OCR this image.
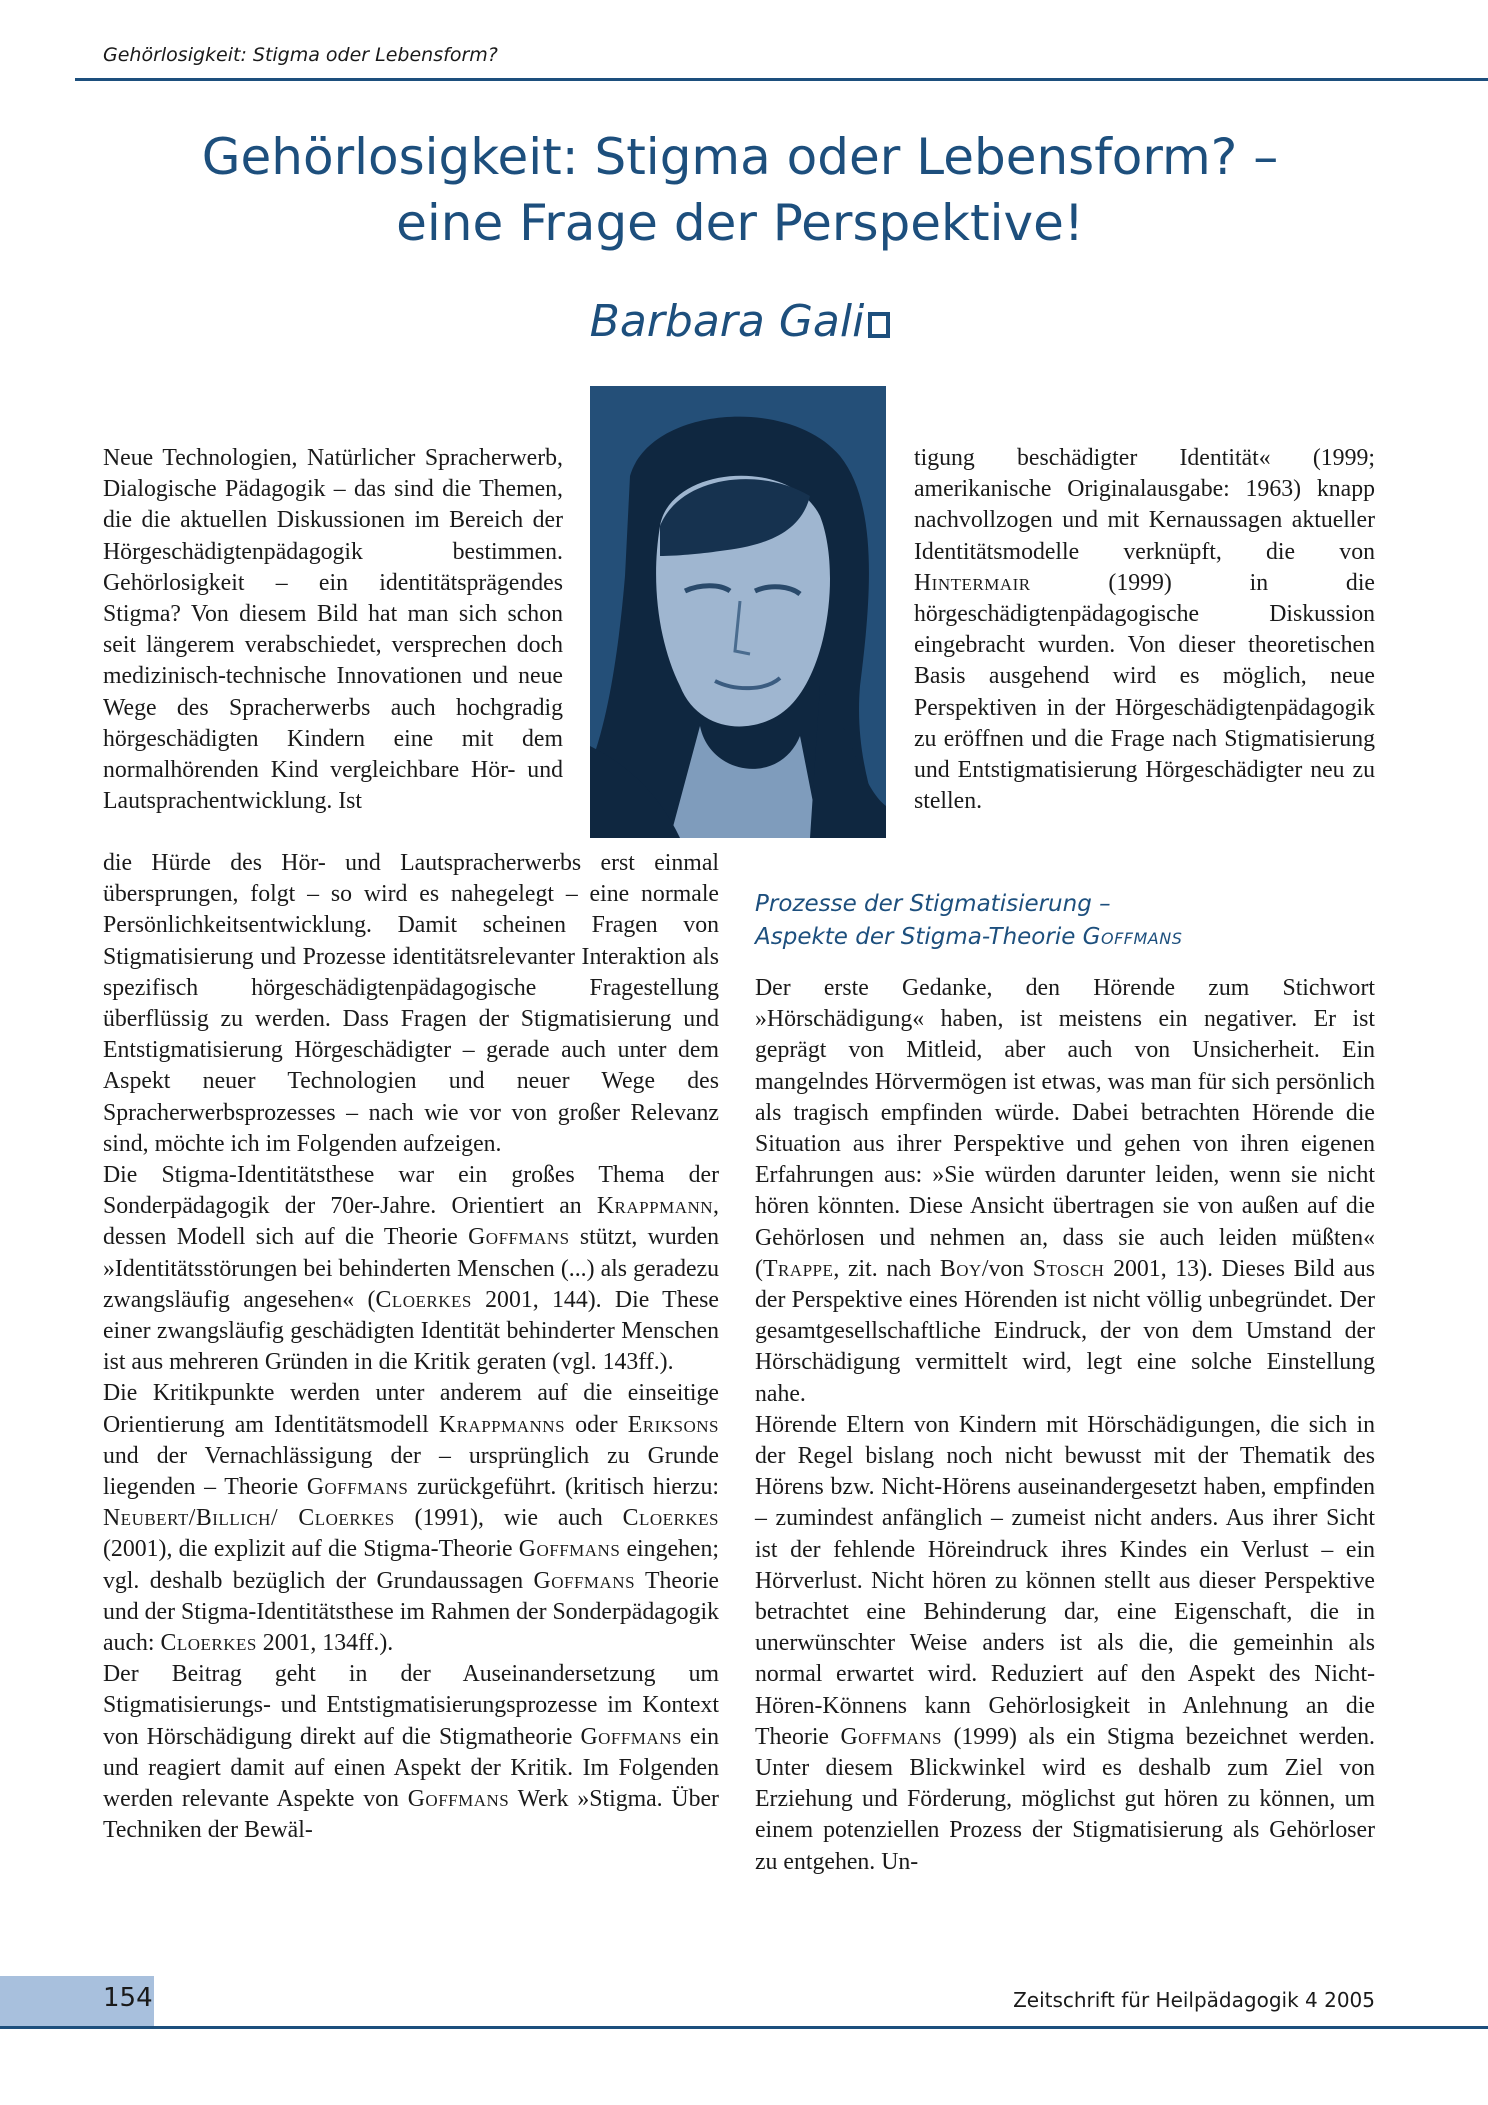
Gehörlosigkeit: Stigma oder Lebensform?
Gehörlosigkeit: Stigma oder Lebensform? –
eine Frage der Perspektive!
Barbara Gali

Neue Technologien, Natürlicher Spracherwerb, Dialogische Pädagogik – das sind die Themen, die die aktuellen Diskussionen im Bereich der Hörgeschädigtenpädagogik bestimmen. Gehörlosigkeit – ein identitätsprägendes Stigma? Von diesem Bild hat man sich schon seit längerem verabschiedet, versprechen doch medizinisch-technische Innovationen und neue Wege des Spracherwerbs auch hochgradig hörgeschädigten Kindern eine mit dem normalhörenden Kind vergleichbare Hör- und Lautsprachentwicklung. Ist

tigung beschädigter Identität« (1999; amerikanische Originalausgabe: 1963) knapp nachvollzogen und mit Kernaussagen aktueller Identitätsmodelle verknüpft, die von Hintermair (1999) in die hörgeschädigtenpädagogische Diskussion eingebracht wurden. Von dieser theoretischen Basis ausgehend wird es möglich, neue Perspektiven in der Hörgeschädigtenpädagogik zu eröffnen und die Frage nach Stigmatisierung und Entstigmatisierung Hörgeschädigter neu zu stellen.

die Hürde des Hör- und Lautspracherwerbs erst einmal übersprungen, folgt – so wird es nahegelegt – eine normale Persönlichkeitsentwicklung. Damit scheinen Fragen von Stigmatisierung und Prozesse identitätsrelevanter Interaktion als spezifisch hörgeschädigtenpädagogische Fragestellung überflüssig zu werden. Dass Fragen der Stigmatisierung und Entstigmatisierung Hörgeschädigter – gerade auch unter dem Aspekt neuer Technologien und neuer Wege des Spracherwerbsprozesses – nach wie vor von großer Relevanz sind, möchte ich im Folgenden aufzeigen.

Die Stigma-Identitätsthese war ein großes Thema der Sonderpädagogik der 70er-Jahre. Orientiert an Krappmann, dessen Modell sich auf die Theorie Goffmans stützt, wurden »Identitätsstörungen bei behinderten Menschen (...) als geradezu zwangsläufig angesehen« (Cloerkes 2001, 144). Die These einer zwangsläufig geschädigten Identität behinderter Menschen ist aus mehreren Gründen in die Kritik geraten (vgl. 143ff.).

Die Kritikpunkte werden unter anderem auf die einseitige Orientierung am Identitätsmodell Krappmanns oder Eriksons und der Vernachlässigung der – ursprünglich zu Grunde liegenden – Theorie Goffmans zurückgeführt. (kritisch hierzu: Neubert/Billich/ Cloerkes (1991), wie auch Cloerkes (2001), die explizit auf die Stigma-Theorie Goffmans eingehen; vgl. deshalb bezüglich der Grundaussagen Goffmans Theorie und der Stigma-Identitätsthese im Rahmen der Sonderpädagogik auch: Cloerkes 2001, 134ff.).

Der Beitrag geht in der Auseinandersetzung um Stigmatisierungs- und Entstigmatisierungsprozesse im Kontext von Hörschädigung direkt auf die Stigmatheorie Goffmans ein und reagiert damit auf einen Aspekt der Kritik. Im Folgenden werden relevante Aspekte von Goffmans Werk »Stigma. Über Techniken der Bewäl-

Prozesse der Stigmatisierung –
Aspekte der Stigma-Theorie Goffmans

Der erste Gedanke, den Hörende zum Stichwort »Hörschädigung« haben, ist meistens ein negativer. Er ist geprägt von Mitleid, aber auch von Unsicherheit. Ein mangelndes Hörvermögen ist etwas, was man für sich persönlich als tragisch empfinden würde. Dabei betrachten Hörende die Situation aus ihrer Perspektive und gehen von ihren eigenen Erfahrungen aus: »Sie würden darunter leiden, wenn sie nicht hören könnten. Diese Ansicht übertragen sie von außen auf die Gehörlosen und nehmen an, dass sie auch leiden müßten« (Trappe, zit. nach Boy/von Stosch 2001, 13). Dieses Bild aus der Perspektive eines Hörenden ist nicht völlig unbegründet. Der gesamtgesellschaftliche Eindruck, der von dem Umstand der Hörschädigung vermittelt wird, legt eine solche Einstellung nahe.

Hörende Eltern von Kindern mit Hörschädigungen, die sich in der Regel bislang noch nicht bewusst mit der Thematik des Hörens bzw. Nicht-Hörens auseinandergesetzt haben, empfinden – zumindest anfänglich – zumeist nicht anders. Aus ihrer Sicht ist der fehlende Höreindruck ihres Kindes ein Verlust – ein Hörverlust. Nicht hören zu können stellt aus dieser Perspektive betrachtet eine Behinderung dar, eine Eigenschaft, die in unerwünschter Weise anders ist als die, die gemeinhin als normal erwartet wird. Reduziert auf den Aspekt des Nicht-Hören-Könnens kann Gehörlosigkeit in Anlehnung an die Theorie Goffmans (1999) als ein Stigma bezeichnet werden. Unter diesem Blickwinkel wird es deshalb zum Ziel von Erziehung und Förderung, möglichst gut hören zu können, um einem potenziellen Prozess der Stigmatisierung als Gehörloser zu entgehen. Un-

154	Zeitschrift für Heilpädagogik 4 2005
